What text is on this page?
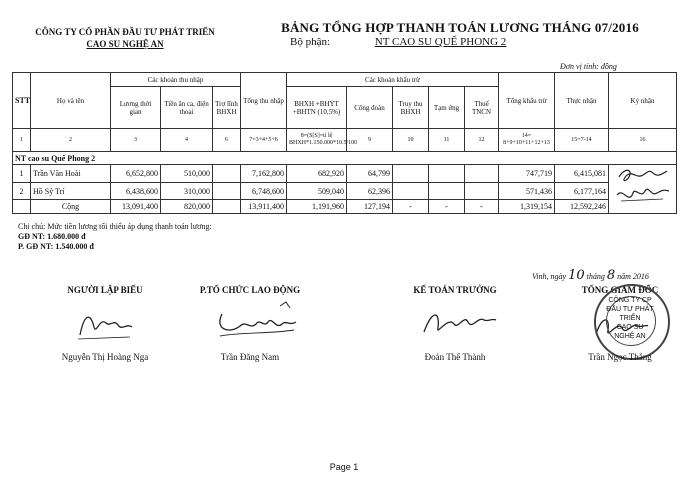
CÔNG TY CỔ PHẦN ĐẦU TƯ PHÁT TRIỂN
CAO SU NGHỆ AN
BẢNG TỔNG HỢP THANH TOÁN LƯƠNG THÁNG 07/2016
Bộ phận:	NT CAO SU QUẾ PHONG 2
Đơn vị tính: đồng
STT	Họ và tên	Các khoản thu nhập			Tổng thu nhập	Các khoản khấu trừ					Tổng khấu trừ	Thực nhận	Ký nhận
		Lương thời gian	Tiền ăn ca, điện thoại	Trợ lĩnh BHXH		BHXH +BHYT +BHTN (10,5%)	Công đoàn	Truy thu BHXH	Tạm ứng	Thuế TNCN			
1	2	3	4	6	7=3+4+5+6	8=(S[S]=tỉ lệ BHXH*1.150.000*10.5/100	9	10	11	12	14= 8+9+10+11+12+13	15=7-14	16
NT cao su Quế Phong 2													
1	Trần Văn Hoài	6,652,800	510,000		7,162,800	682,920	64,799				747,719	6,415,081	
2	Hồ Sỹ Trí	6,438,600	310,000		6,748,600	509,040	62,396				571,436	6,177,164	
	Cộng	13,091,400	820,000		13,911,400	1,191,960	127,194	-	-	-	1,319,154	12,592,246	
Chi chú: Mức tiền lương tối thiểu áp dụng thanh toán lương:
GĐ NT: 1.680.000 đ
P. GĐ NT: 1.540.000 đ
Vinh, ngày 10 tháng 8 năm 2016
NGƯỜI LẬP BIỂU	P.TỔ CHỨC LAO ĐỘNG	KẾ TOÁN TRƯỞNG	TỔNG GIÁM ĐỐC
CÔNG TY CP
ĐẦU TƯ PHÁT TRIỂN
CAO SU
NGHỆ AN
Nguyễn Thị Hoàng Nga	Trần Đăng Nam	Đoàn Thế Thành	Trần Ngọc Thắng
Page 1
